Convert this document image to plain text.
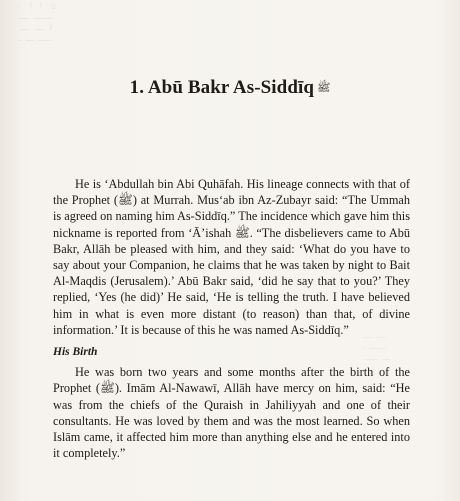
۞   ﴾  ﴿   ۩
ـــــــ  ــــ
ﻻ  ـــ   ـــ
ـــــ  ـــ  ـ
ـــ  ــــ
ــــــ  ـ
ـــ  ـــــ
1. Abū Bakr As-Siddīq ﷺ

He is ‘Abdullah bin Abi Quhāfah. His lineage connects with that of the Prophet (ﷺ) at Murrah. Mus‘ab ibn Az-Zubayr said: “The Ummah is agreed on naming him As-Siddīq.” The incidence which gave him this nickname is reported from ‘Ā’ishah ﷺ. “The disbelievers came to Abū Bakr, Allāh be pleased with him, and they said: ‘What do you have to say about your Companion, he claims that he was taken by night to Bait Al-Maqdis (Jerusalem).’ Abū Bakr said, ‘did he say that to you?’ They replied, ‘Yes (he did)’ He said, ‘He is telling the truth. I have believed him in what is even more distant (to reason) than that, of divine information.’ It is because of this he was named As-Siddīq.”

His Birth

He was born two years and some months after the birth of the Prophet (ﷺ). Imām Al-Nawawī, Allāh have mercy on him, said: “He was from the chiefs of the Quraish in Jahiliyyah and one of their consultants. He was loved by them and was the most learned. So when Islām came, it affected him more than anything else and he entered into it completely.”
